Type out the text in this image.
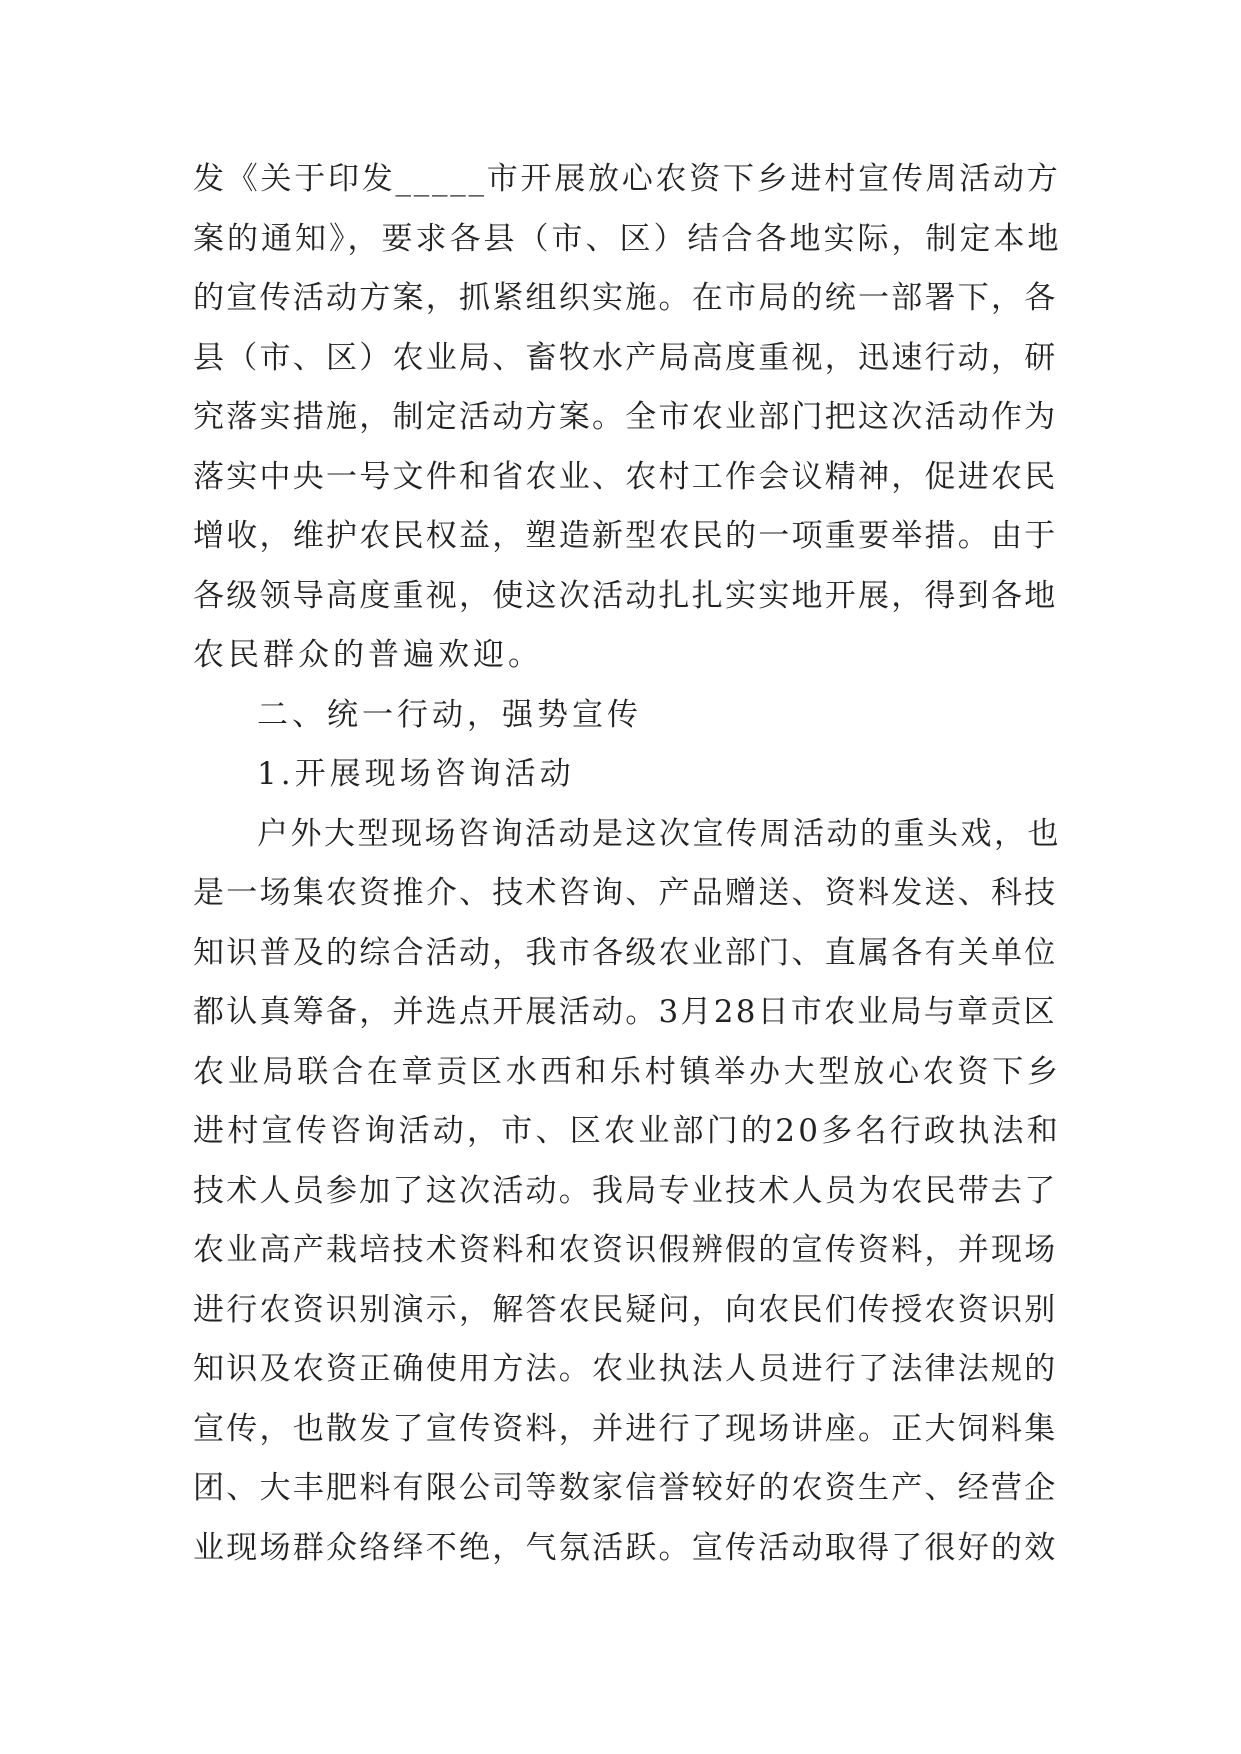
发《关于印发_____市开展放心农资下乡进村宣传周活动方
案的通知》，要求各县（市、区）结合各地实际，制定本地
的宣传活动方案，抓紧组织实施。在市局的统一部署下，各
县（市、区）农业局、畜牧水产局高度重视，迅速行动，研
究落实措施，制定活动方案。全市农业部门把这次活动作为
落实中央一号文件和省农业、农村工作会议精神，促进农民
增收，维护农民权益，塑造新型农民的一项重要举措。由于
各级领导高度重视，使这次活动扎扎实实地开展，得到各地
农民群众的普遍欢迎。
二、统一行动，强势宣传
1.开展现场咨询活动
户外大型现场咨询活动是这次宣传周活动的重头戏，也
是一场集农资推介、技术咨询、产品赠送、资料发送、科技
知识普及的综合活动，我市各级农业部门、直属各有关单位
都认真筹备，并选点开展活动。3月28日市农业局与章贡区
农业局联合在章贡区水西和乐村镇举办大型放心农资下乡
进村宣传咨询活动，市、区农业部门的20多名行政执法和
技术人员参加了这次活动。我局专业技术人员为农民带去了
农业高产栽培技术资料和农资识假辨假的宣传资料，并现场
进行农资识别演示，解答农民疑问，向农民们传授农资识别
知识及农资正确使用方法。农业执法人员进行了法律法规的
宣传，也散发了宣传资料，并进行了现场讲座。正大饲料集
团、大丰肥料有限公司等数家信誉较好的农资生产、经营企
业现场群众络绎不绝，气氛活跃。宣传活动取得了很好的效
